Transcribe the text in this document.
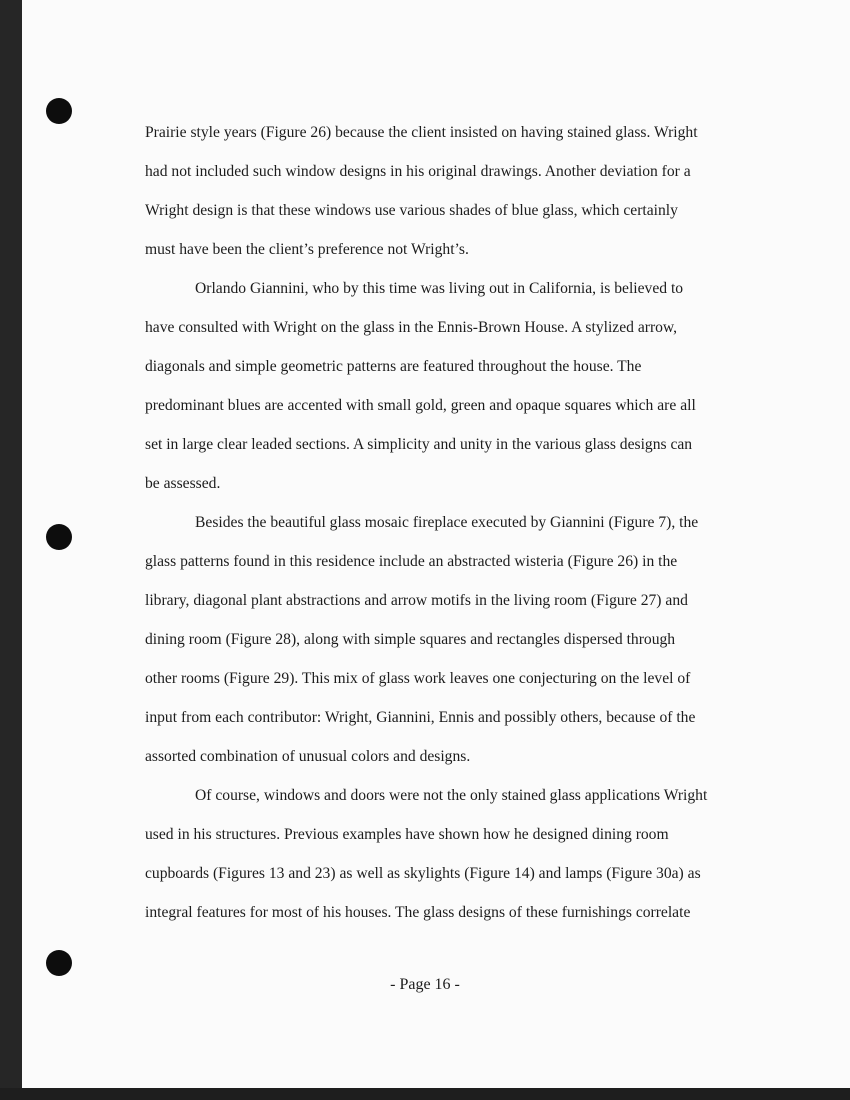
Prairie style years (Figure 26) because the client insisted on having stained glass. Wright
had not included such window designs in his original drawings. Another deviation for a
Wright design is that these windows use various shades of blue glass, which certainly
must have been the client’s preference not Wright’s.
Orlando Giannini, who by this time was living out in California, is believed to
have consulted with Wright on the glass in the Ennis-Brown House. A stylized arrow,
diagonals and simple geometric patterns are featured throughout the house. The
predominant blues are accented with small gold, green and opaque squares which are all
set in large clear leaded sections. A simplicity and unity in the various glass designs can
be assessed.
Besides the beautiful glass mosaic fireplace executed by Giannini (Figure 7), the
glass patterns found in this residence include an abstracted wisteria (Figure 26) in the
library, diagonal plant abstractions and arrow motifs in the living room (Figure 27) and
dining room (Figure 28), along with simple squares and rectangles dispersed through
other rooms (Figure 29). This mix of glass work leaves one conjecturing on the level of
input from each contributor: Wright, Giannini, Ennis and possibly others, because of the
assorted combination of unusual colors and designs.
Of course, windows and doors were not the only stained glass applications Wright
used in his structures. Previous examples have shown how he designed dining room
cupboards (Figures 13 and 23) as well as skylights (Figure 14) and lamps (Figure 30a) as
integral features for most of his houses. The glass designs of these furnishings correlate
- Page 16 -
